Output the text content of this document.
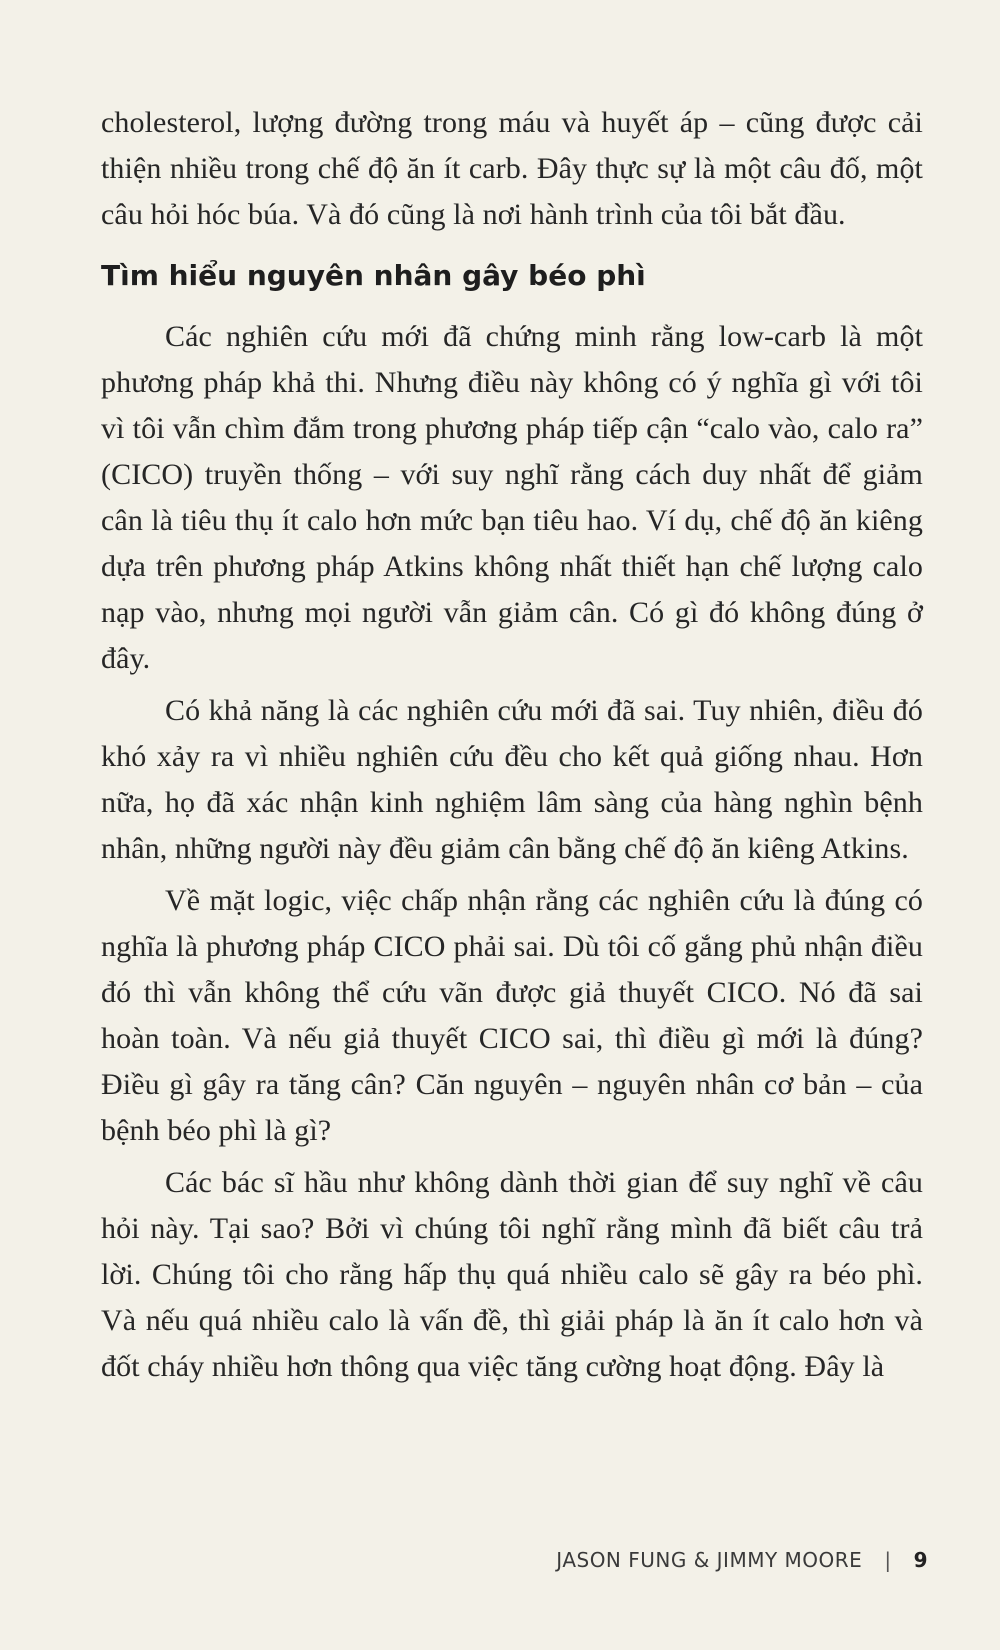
cholesterol, lượng đường trong máu và huyết áp – cũng được cải thiện nhiều trong chế độ ăn ít carb. Đây thực sự là một câu đố, một câu hỏi hóc búa. Và đó cũng là nơi hành trình của tôi bắt đầu.

Tìm hiểu nguyên nhân gây béo phì

Các nghiên cứu mới đã chứng minh rằng low-carb là một phương pháp khả thi. Nhưng điều này không có ý nghĩa gì với tôi vì tôi vẫn chìm đắm trong phương pháp tiếp cận “calo vào, calo ra” (CICO) truyền thống – với suy nghĩ rằng cách duy nhất để giảm cân là tiêu thụ ít calo hơn mức bạn tiêu hao. Ví dụ, chế độ ăn kiêng dựa trên phương pháp Atkins không nhất thiết hạn chế lượng calo nạp vào, nhưng mọi người vẫn giảm cân. Có gì đó không đúng ở đây.

Có khả năng là các nghiên cứu mới đã sai. Tuy nhiên, điều đó khó xảy ra vì nhiều nghiên cứu đều cho kết quả giống nhau. Hơn nữa, họ đã xác nhận kinh nghiệm lâm sàng của hàng nghìn bệnh nhân, những người này đều giảm cân bằng chế độ ăn kiêng Atkins.

Về mặt logic, việc chấp nhận rằng các nghiên cứu là đúng có nghĩa là phương pháp CICO phải sai. Dù tôi cố gắng phủ nhận điều đó thì vẫn không thể cứu vãn được giả thuyết CICO. Nó đã sai hoàn toàn. Và nếu giả thuyết CICO sai, thì điều gì mới là đúng? Điều gì gây ra tăng cân? Căn nguyên – nguyên nhân cơ bản – của bệnh béo phì là gì?

Các bác sĩ hầu như không dành thời gian để suy nghĩ về câu hỏi này. Tại sao? Bởi vì chúng tôi nghĩ rằng mình đã biết câu trả lời. Chúng tôi cho rằng hấp thụ quá nhiều calo sẽ gây ra béo phì. Và nếu quá nhiều calo là vấn đề, thì giải pháp là ăn ít calo hơn và đốt cháy nhiều hơn thông qua việc tăng cường hoạt động. Đây là

JASON FUNG & JIMMY MOORE | 9
